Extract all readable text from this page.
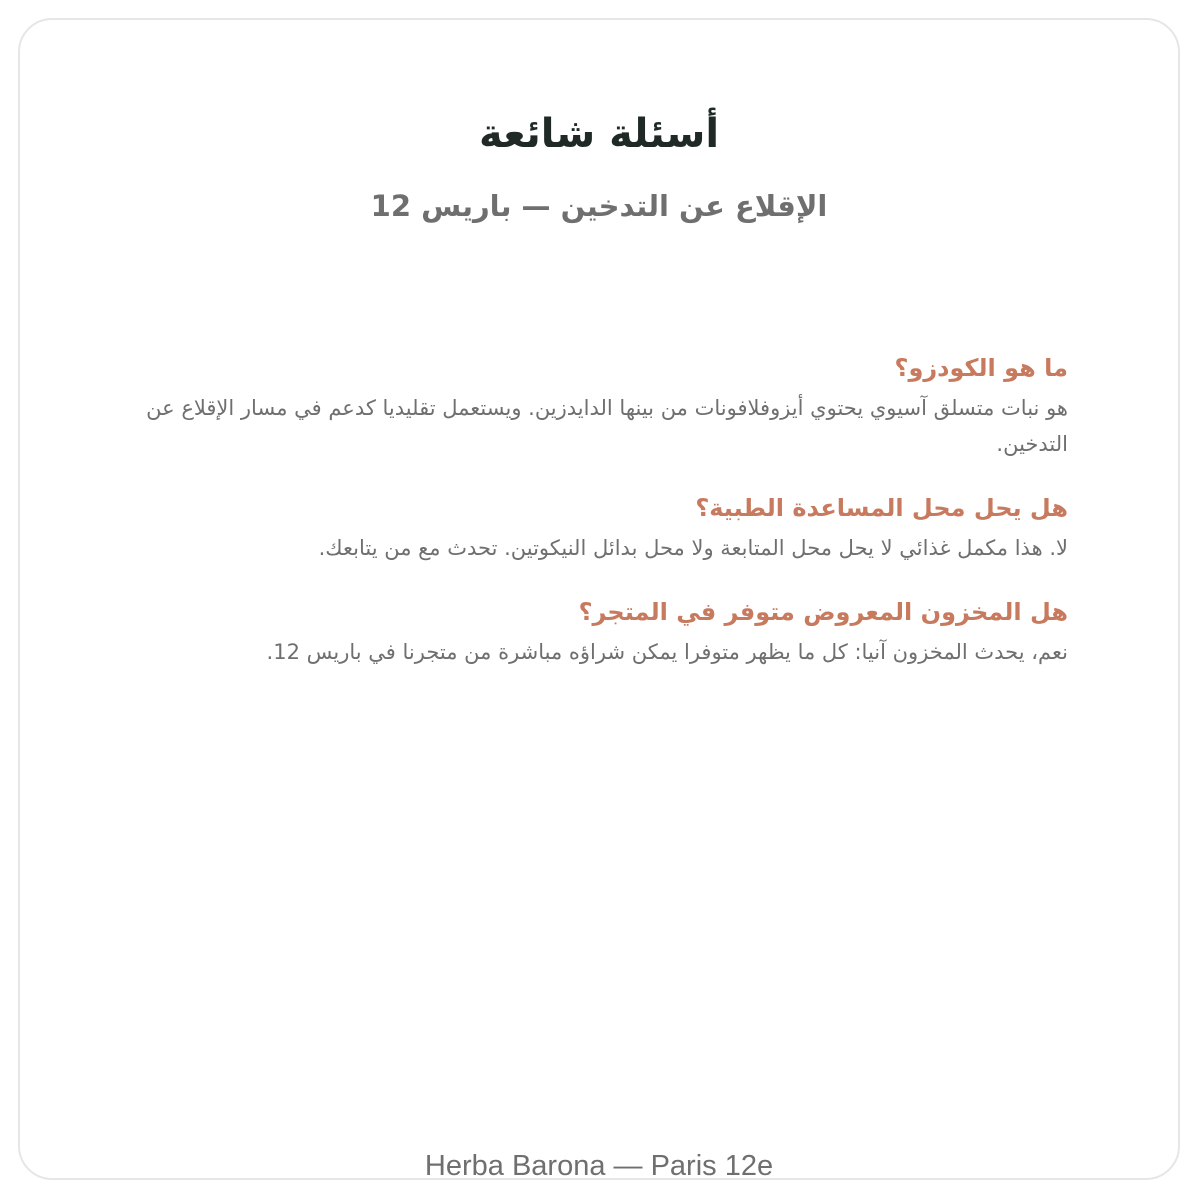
أسئلة شائعة
الإقلاع عن التدخين — باريس 12

ما هو الكودزو؟

هو نبات متسلق آسيوي يحتوي أيزوفلافونات من بينها الدايدزين. ويستعمل تقليديا كدعم في مسار الإقلاع عن التدخين.

هل يحل محل المساعدة الطبية؟

لا. هذا مكمل غذائي لا يحل محل المتابعة ولا محل بدائل النيكوتين. تحدث مع من يتابعك.

هل المخزون المعروض متوفر في المتجر؟

نعم، يحدث المخزون آنيا: كل ما يظهر متوفرا يمكن شراؤه مباشرة من متجرنا في باريس 12.

Herba Barona — Paris 12e
